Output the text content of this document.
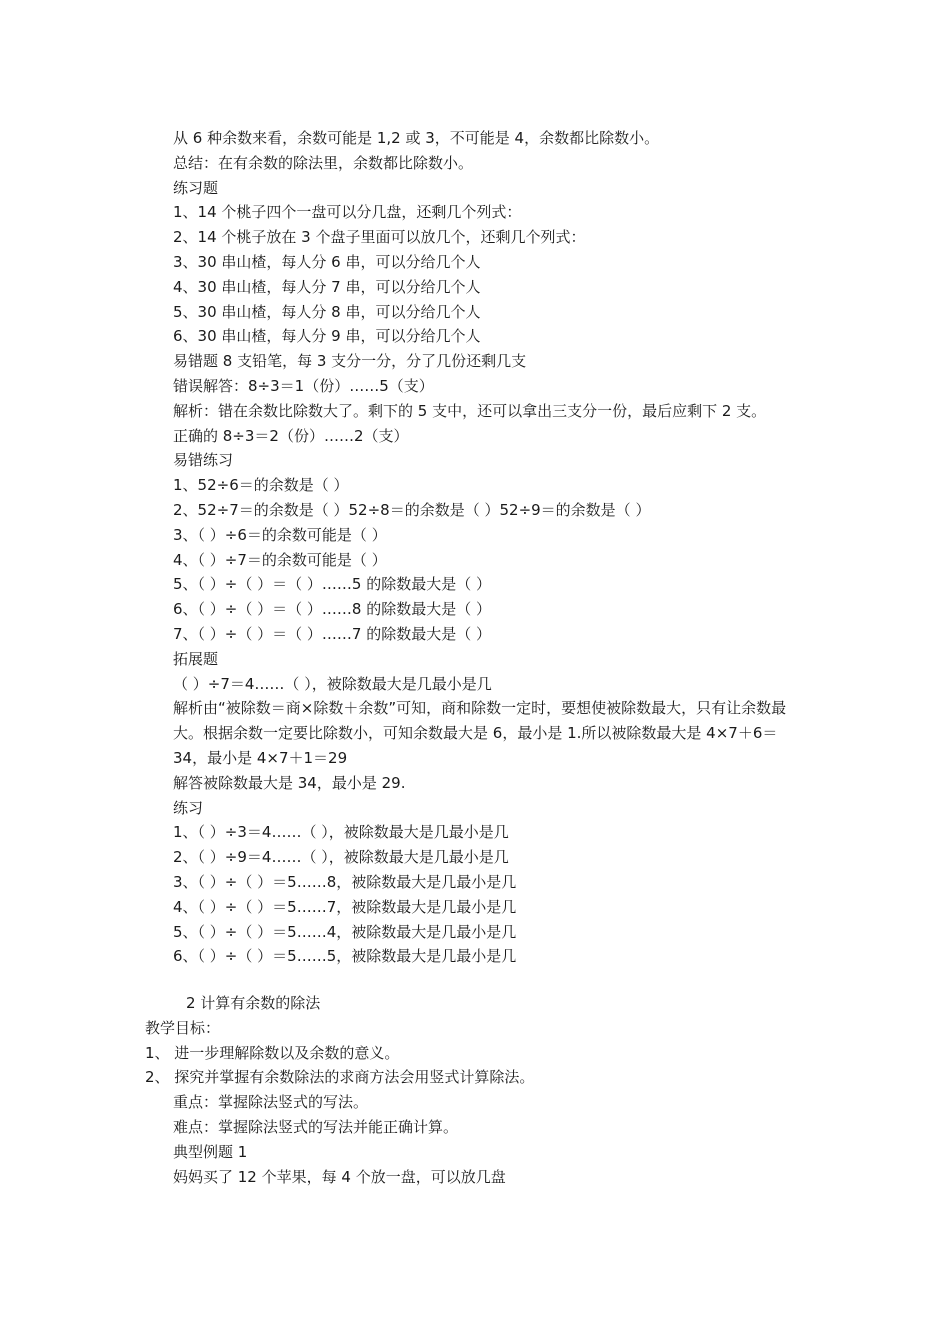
从 6 种余数来看，余数可能是 1,2 或 3，不可能是 4，余数都比除数小。
总结：在有余数的除法里，余数都比除数小。
练习题
1、14 个桃子四个一盘可以分几盘，还剩几个列式：
2、14 个桃子放在 3 个盘子里面可以放几个，还剩几个列式：
3、30 串山楂，每人分 6 串，可以分给几个人
4、30 串山楂，每人分 7 串，可以分给几个人
5、30 串山楂，每人分 8 串，可以分给几个人
6、30 串山楂，每人分 9 串，可以分给几个人
易错题 8 支铅笔，每 3 支分一分，分了几份还剩几支
错误解答：8÷3＝1（份）……5（支）
解析：错在余数比除数大了。剩下的 5 支中，还可以拿出三支分一份，最后应剩下 2 支。
正确的 8÷3＝2（份）……2（支）
易错练习
1、52÷6＝的余数是（ ）
2、52÷7＝的余数是（ ）52÷8＝的余数是（ ）52÷9＝的余数是（ ）
3、（ ）÷6＝的余数可能是（ ）
4、（ ）÷7＝的余数可能是（ ）
5、（ ）÷（ ）＝（ ）……5 的除数最大是（ ）
6、（ ）÷（ ）＝（ ）……8 的除数最大是（ ）
7、（ ）÷（ ）＝（ ）……7 的除数最大是（ ）
拓展题
（ ）÷7＝4……（ ），被除数最大是几最小是几
解析由“被除数＝商×除数＋余数”可知，商和除数一定时，要想使被除数最大，只有让余数最大。根据余数一定要比除数小，可知余数最大是 6，最小是 1.所以被除数最大是 4×7＋6＝34，最小是 4×7＋1＝29
解答被除数最大是 34，最小是 29.
练习
1、（ ）÷3＝4……（ ），被除数最大是几最小是几
2、（ ）÷9＝4……（ ），被除数最大是几最小是几
3、（ ）÷（ ）＝5……8，被除数最大是几最小是几
4、（ ）÷（ ）＝5……7，被除数最大是几最小是几
5、（ ）÷（ ）＝5……4，被除数最大是几最小是几
6、（ ）÷（ ）＝5……5，被除数最大是几最小是几
2 计算有余数的除法
教学目标：
1、 进一步理解除数以及余数的意义。
2、 探究并掌握有余数除法的求商方法会用竖式计算除法。
重点：掌握除法竖式的写法。
难点：掌握除法竖式的写法并能正确计算。
典型例题 1
妈妈买了 12 个苹果，每 4 个放一盘，可以放几盘
